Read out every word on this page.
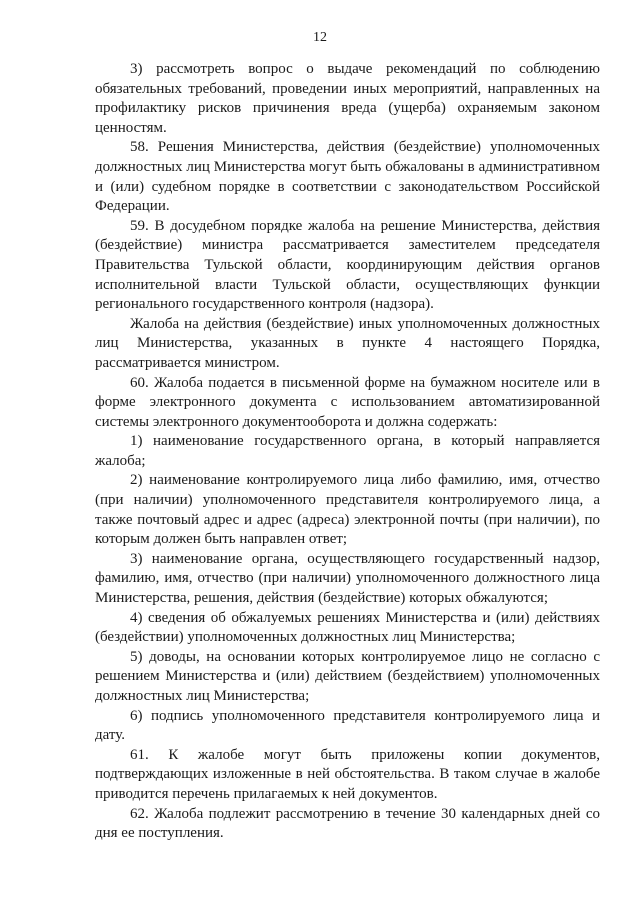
12

3) рассмотреть вопрос о выдаче рекомендаций по соблюдению обязательных требований, проведении иных мероприятий, направленных на профилактику рисков причинения вреда (ущерба) охраняемым законом ценностям.

58. Решения Министерства, действия (бездействие) уполномоченных должностных лиц Министерства могут быть обжалованы в административном и (или) судебном порядке в соответствии с законодательством Российской Федерации.

59. В досудебном порядке жалоба на решение Министерства, действия (бездействие) министра рассматривается заместителем председателя Правительства Тульской области, координирующим действия органов исполнительной власти Тульской области, осуществляющих функции регионального государственного контроля (надзора).

Жалоба на действия (бездействие) иных уполномоченных должностных лиц Министерства, указанных в пункте 4 настоящего Порядка, рассматривается министром.

60. Жалоба подается в письменной форме на бумажном носителе или в форме электронного документа с использованием автоматизированной системы электронного документооборота и должна содержать:

1) наименование государственного органа, в который направляется жалоба;

2) наименование контролируемого лица либо фамилию, имя, отчество (при наличии) уполномоченного представителя контролируемого лица, а также почтовый адрес и адрес (адреса) электронной почты (при наличии), по которым должен быть направлен ответ;

3) наименование органа, осуществляющего государственный надзор, фамилию, имя, отчество (при наличии) уполномоченного должностного лица Министерства, решения, действия (бездействие) которых обжалуются;

4) сведения об обжалуемых решениях Министерства и (или) действиях (бездействии) уполномоченных должностных лиц Министерства;

5) доводы, на основании которых контролируемое лицо не согласно с решением Министерства и (или) действием (бездействием) уполномоченных должностных лиц Министерства;

6) подпись уполномоченного представителя контролируемого лица и дату.

61. К жалобе могут быть приложены копии документов, подтверждающих изложенные в ней обстоятельства. В таком случае в жалобе приводится перечень прилагаемых к ней документов.

62. Жалоба подлежит рассмотрению в течение 30 календарных дней со дня ее поступления.
